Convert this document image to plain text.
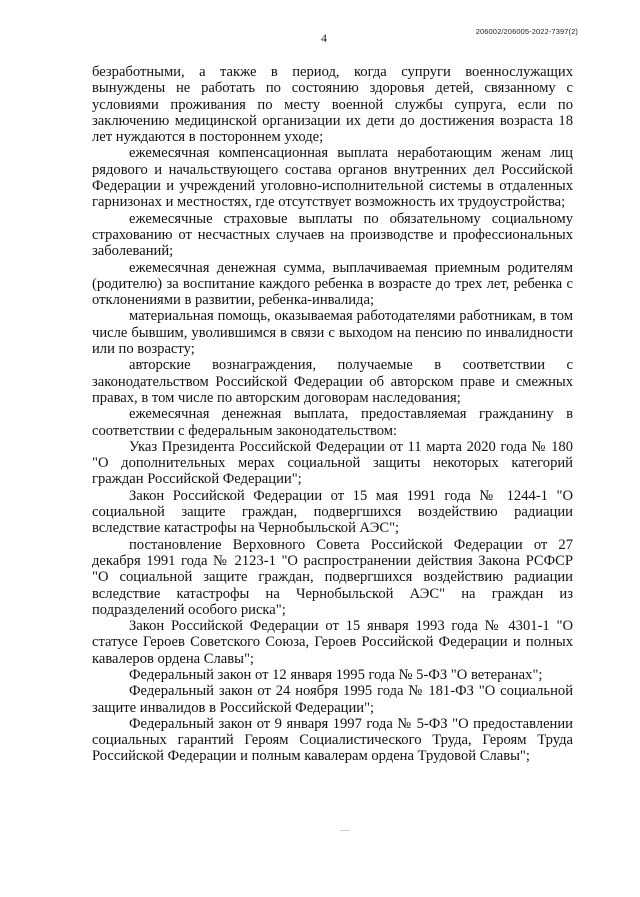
206002/206005-2022-7397(2)
4

безработными, а также в период, когда супруги военнослужащих вынуждены не работать по состоянию здоровья детей, связанному с условиями проживания по месту военной службы супруга, если по заключению медицинской организации их дети до достижения возраста 18 лет нуждаются в постороннем уходе;

ежемесячная компенсационная выплата неработающим женам лиц рядового и начальствующего состава органов внутренних дел Российской Федерации и учреждений уголовно-исполнительной системы в отдаленных гарнизонах и местностях, где отсутствует возможность их трудоустройства;

ежемесячные страховые выплаты по обязательному социальному страхованию от несчастных случаев на производстве и профессиональных заболеваний;

ежемесячная денежная сумма, выплачиваемая приемным родителям (родителю) за воспитание каждого ребенка в возрасте до трех лет, ребенка с отклонениями в развитии, ребенка-инвалида;

материальная помощь, оказываемая работодателями работникам, в том числе бывшим, уволившимся в связи с выходом на пенсию по инвалидности или по возрасту;

авторские вознаграждения, получаемые в соответствии с законодательством Российской Федерации об авторском праве и смежных правах, в том числе по авторским договорам наследования;

ежемесячная денежная выплата, предоставляемая гражданину в соответствии с федеральным законодательством:

Указ Президента Российской Федерации от 11 марта 2020 года № 180 "О дополнительных мерах социальной защиты некоторых категорий граждан Российской Федерации";

Закон Российской Федерации от 15 мая 1991 года № 1244-1 "О социальной защите граждан, подвергшихся воздействию радиации вследствие катастрофы на Чернобыльской АЭС";

постановление Верховного Совета Российской Федерации от 27 декабря 1991 года № 2123-1 "О распространении действия Закона РСФСР "О социальной защите граждан, подвергшихся воздействию радиации вследствие катастрофы на Чернобыльской АЭС" на граждан из подразделений особого риска";

Закон Российской Федерации от 15 января 1993 года № 4301-1 "О статусе Героев Советского Союза, Героев Российской Федерации и полных кавалеров ордена Славы";

Федеральный закон от 12 января 1995 года № 5-ФЗ "О ветеранах";

Федеральный закон от 24 ноября 1995 года № 181-ФЗ "О социальной защите инвалидов в Российской Федерации";

Федеральный закон от 9 января 1997 года № 5-ФЗ "О предоставлении социальных гарантий Героям Социалистического Труда, Героям Труда Российской Федерации и полным кавалерам ордена Трудовой Славы";
